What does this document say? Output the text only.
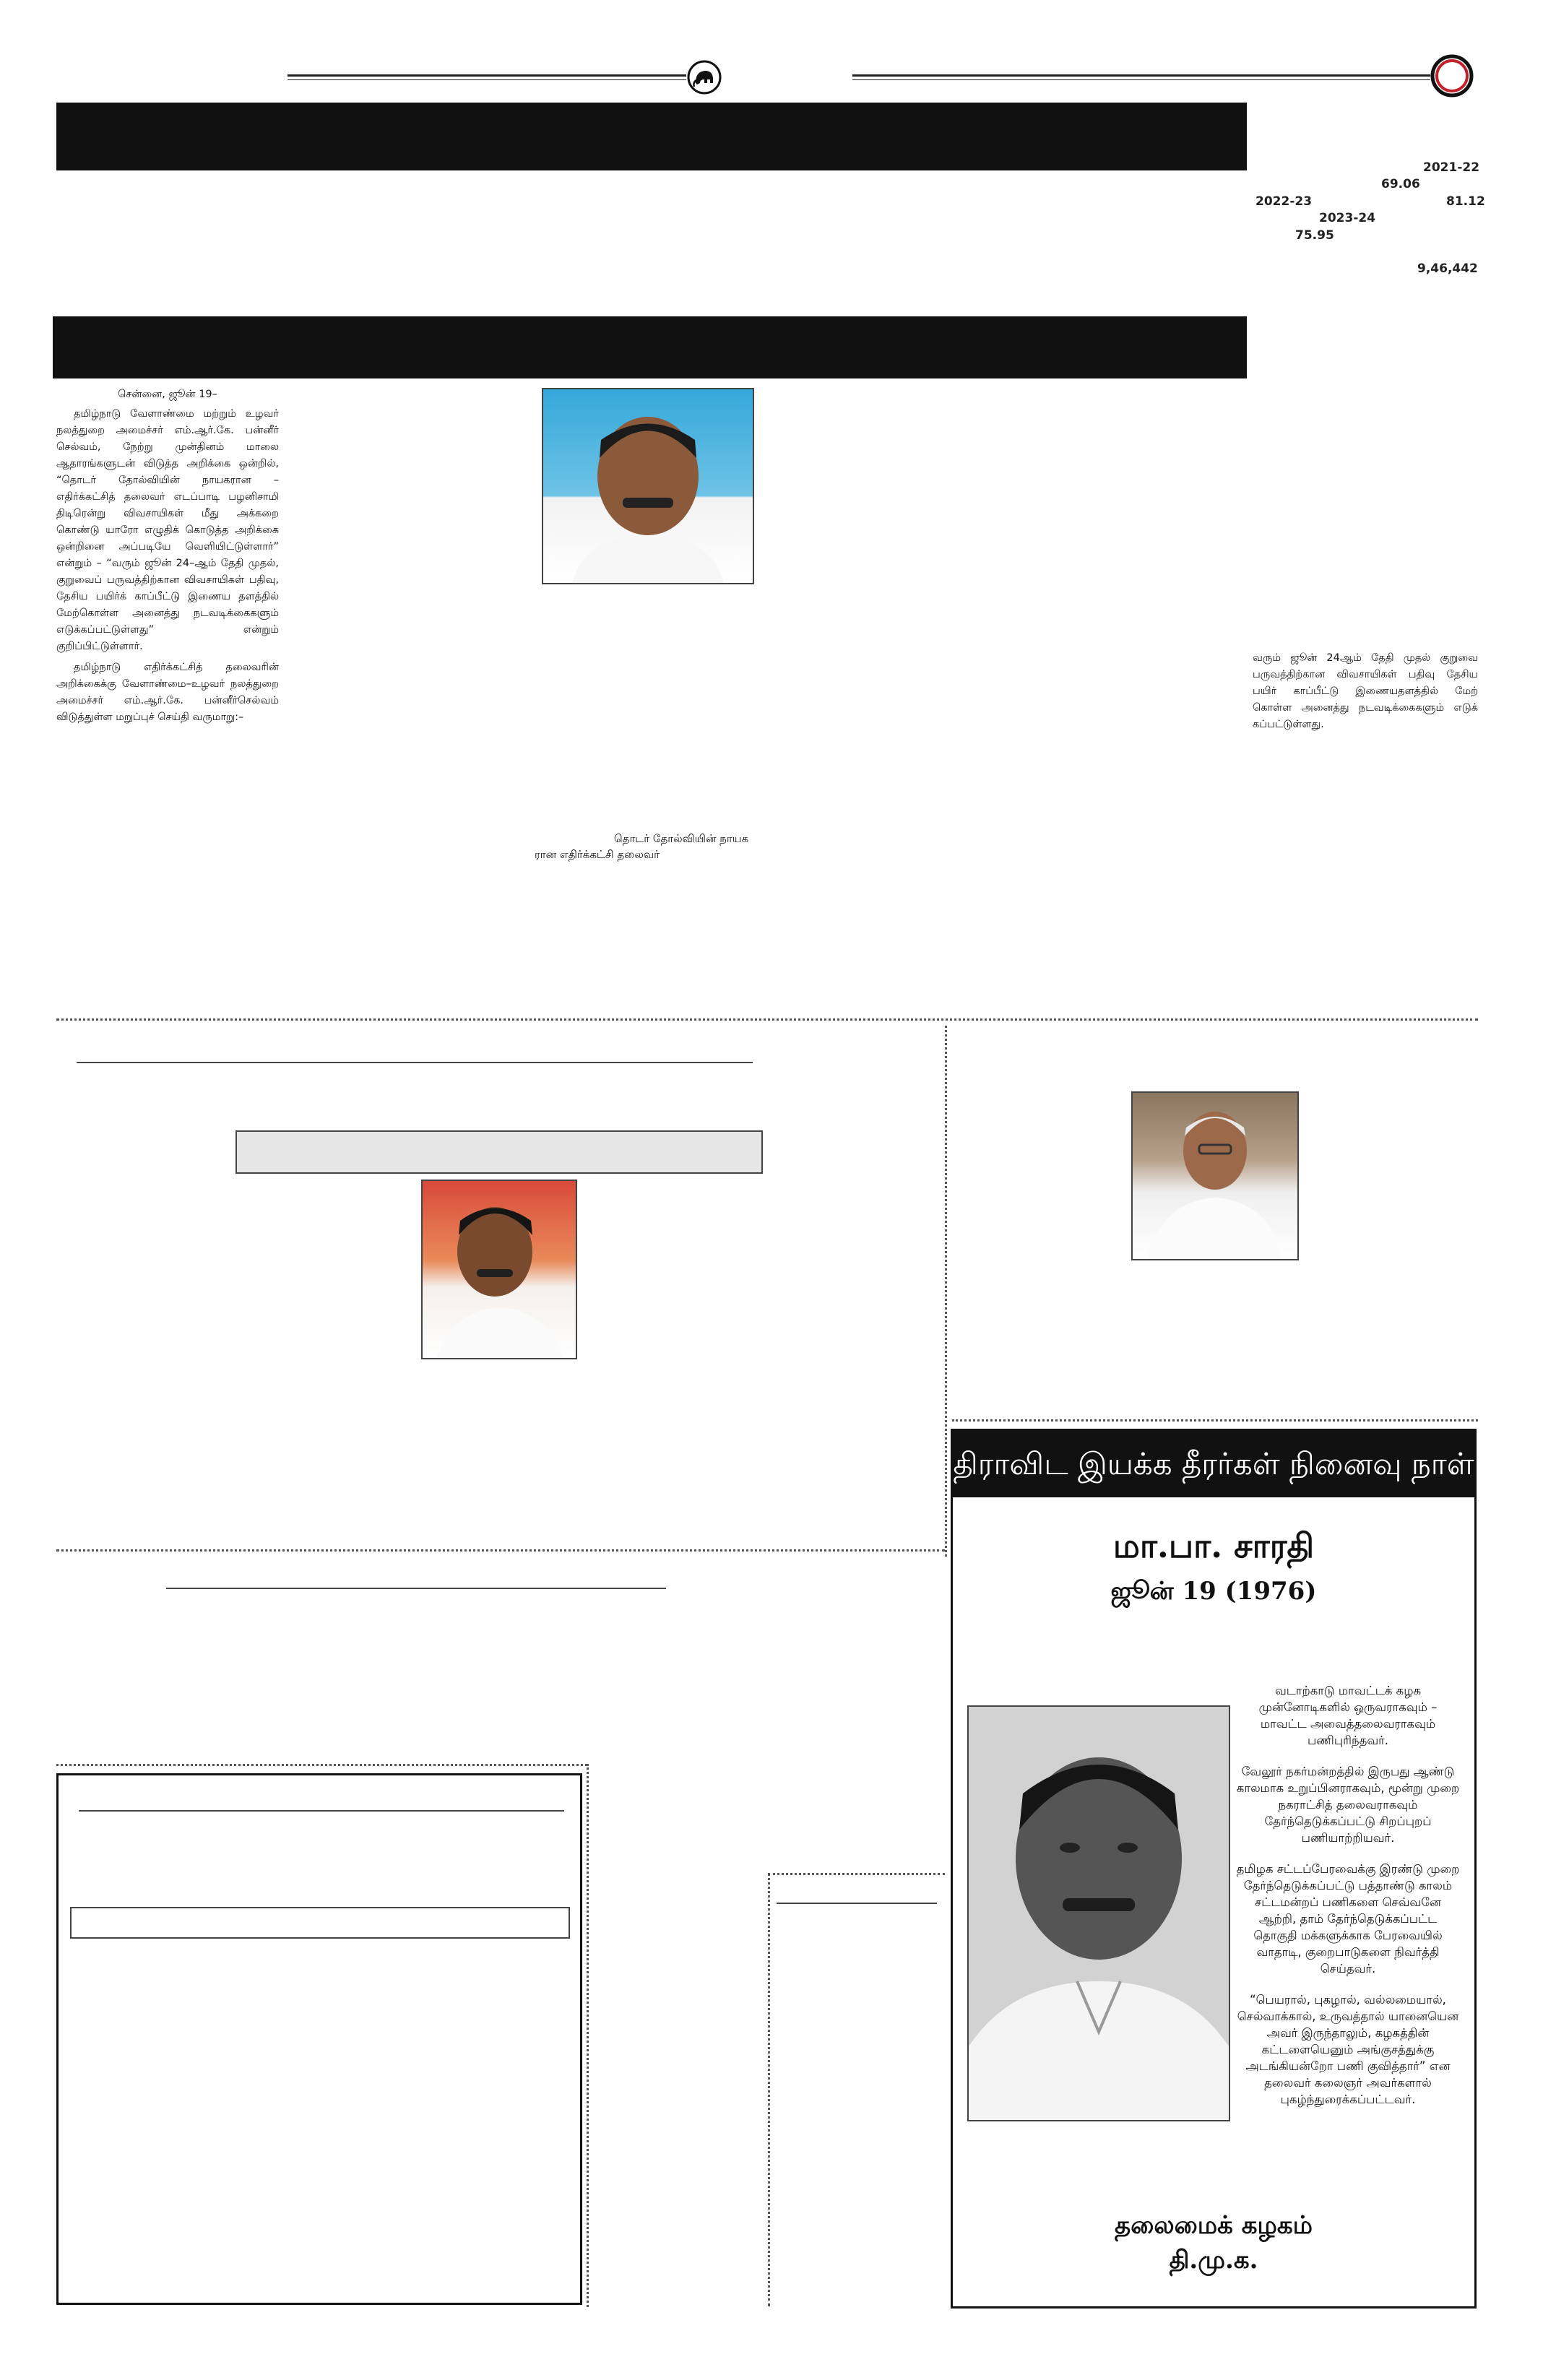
2021-22
69.06
2022-23	81.12
2023-24
75.95
9,46,442
சென்னை, ஜூன் 19–

தமிழ்நாடு வேளாண்மை மற்றும் உழவர் நலத்துறை அமைச்சர் எம்.ஆர்.கே. பன்னீர் செல்வம், நேற்று முன்தினம் மாலை ஆதாரங்களுடன் விடுத்த அறிக்கை ஒன்றில், “தொடர் தோல்வியின் நாயகரான – எதிர்க்கட்சித் தலைவர் எடப்பாடி பழனிசாமி திடிரென்று விவசாயிகள் மீது அக்கறை கொண்டு யாரோ எழுதிக் கொடுத்த அறிக்கை ஒன்றினை அப்படியே வெளியிட்டுள்ளார்” என்றும் – “வரும் ஜூன் 24–ஆம் தேதி முதல், குறுவைப் பருவத்திற்கான விவசாயிகள் பதிவு, தேசிய பயிர்க் காப்பீட்டு இணைய தளத்தில் மேற்கொள்ள அனைத்து நடவடிக்கைகளும் எடுக்கப்பட்டுள்ளது” என்றும் குறிப்பிட்டுள்ளார்.

தமிழ்நாடு எதிர்க்கட்சித் தலைவரின் அறிக்கைக்கு வேளாண்மை–உழவர் நலத்துறை அமைச்சர் எம்.ஆர்.கே. பன்னீர்செல்வம் விடுத்துள்ள மறுப்புச் செய்தி வருமாறு:–

தொடர் தோல்வியின் நாயக
ரான எதிர்க்கட்சி தலைவர்
வரும் ஜூன் 24ஆம் தேதி முதல் குறுவை பருவத்திற்கான விவசாயிகள் பதிவு தேசிய பயிர் காப்பீட்டு இணையதளத்தில் மேற் கொள்ள அனைத்து நடவடிக்கைகளும் எடுக் கப்பட்டுள்ளது.
திராவிட இயக்க தீரர்கள் நினைவு நாள்
மா.பா. சாரதி
ஜூன் 19 (1976)

வடாற்காடு மாவட்டக் கழக முன்னோடிகளில் ஒருவராகவும் – மாவட்ட அவைத்தலைவராகவும் பணிபுரிந்தவர்.

வேலூர் நகர்மன்றத்தில் இருபது ஆண்டு காலமாக உறுப்பினராகவும், மூன்று முறை நகராட்சித் தலைவராகவும் தேர்ந்தெடுக்கப்பட்டு சிறப்புறப் பணியாற்றியவர்.

தமிழக சட்டப்பேரவைக்கு இரண்டு முறை தேர்ந்தெடுக்கப்பட்டு பத்தாண்டு காலம் சட்டமன்றப் பணிகளை செவ்வனே ஆற்றி, தாம் தேர்ந்தெடுக்கப்பட்ட தொகுதி மக்களுக்காக பேரவையில் வாதாடி, குறைபாடுகளை நிவர்த்தி செய்தவர்.

“பெயரால், புகழால், வல்லமையால், செல்வாக்கால், உருவத்தால் யானையென அவர் இருந்தாலும், கழகத்தின் கட்டளையெனும் அங்குசத்துக்கு அடங்கியன்றோ பணி குவித்தார்” என தலைவர் கலைஞர் அவர்களால் புகழ்ந்துரைக்கப்பட்டவர்.

தலைமைக் கழகம்
தி.மு.க.
